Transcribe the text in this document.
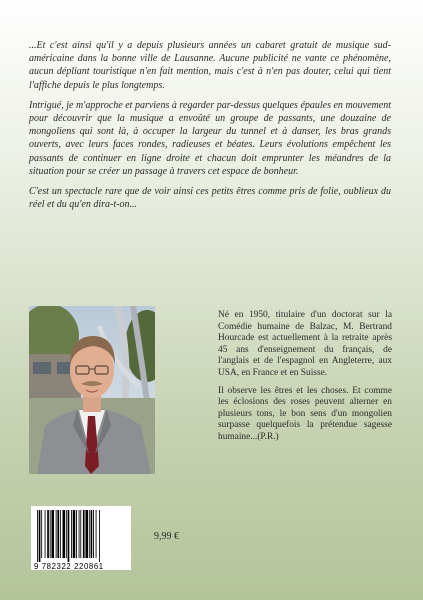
...Et c'est ainsi qu'il y a depuis plusieurs années un cabaret gratuit de musique sud-américaine dans la bonne ville de Lausanne. Aucune publicité ne vante ce phénomène, aucun dépliant touristique n'en fait mention, mais c'est à n'en pas douter, celui qui tient l'affiche depuis le plus longtemps.

Intrigué, je m'approche et parviens à regarder par-dessus quelques épaules en mouvement pour découvrir que la musique a envoûté un groupe de passants, une douzaine de mongoliens qui sont là, à occuper la largeur du tunnel et à danser, les bras grands ouverts, avec leurs faces rondes, radieuses et béates. Leurs évolutions empêchent les passants de continuer en ligne droite et chacun doit emprunter les méandres de la situation pour se créer un passage à travers cet espace de bonheur.

C'est un spectacle rare que de voir ainsi ces petits êtres comme pris de folie, oublieux du réel et du qu'en dira-t-on...

Né en 1950, titulaire d'un doctorat sur la Comédie humaine de Balzac, M. Bertrand Hourcade est actuellement à la retraite après 45 ans d'enseignement du français, de l'anglais et de l'espagnol en Angleterre, aux USA, en France et en Suisse.

Il observe les êtres et les choses. Et comme les éclosions des roses peuvent alterner en plusieurs tons, le bon sens d'un mongolien surpasse quelquefois la prétendue sagesse humaine...(P.R.)

9 782322 220861
9,99 €
